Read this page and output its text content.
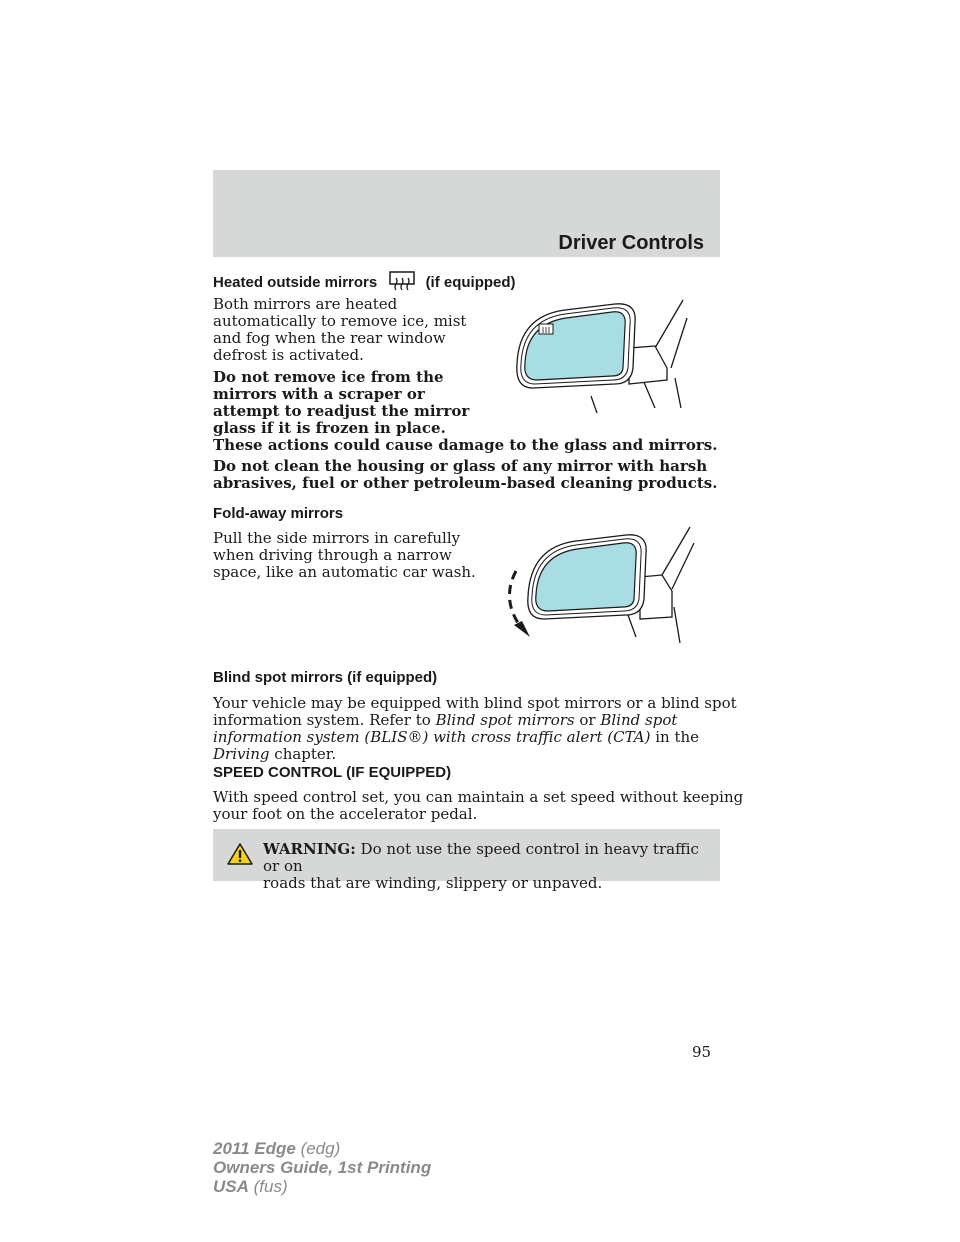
Driver Controls
Heated outside mirrors	(if equipped)
Both mirrors are heated
automatically to remove ice, mist
and fog when the rear window
defrost is activated.
Do not remove ice from the
mirrors with a scraper or
attempt to readjust the mirror
glass if it is frozen in place.
These actions could cause damage to the glass and mirrors.
Do not clean the housing or glass of any mirror with harsh
abrasives, fuel or other petroleum-based cleaning products.
Fold-away mirrors
Pull the side mirrors in carefully
when driving through a narrow
space, like an automatic car wash.
Blind spot mirrors (if equipped)
Your vehicle may be equipped with blind spot mirrors or a blind spot
information system. Refer to Blind spot mirrors or Blind spot
information system (BLIS®) with cross traffic alert (CTA) in the
Driving chapter.
SPEED CONTROL (IF EQUIPPED)
With speed control set, you can maintain a set speed without keeping
your foot on the accelerator pedal.
WARNING: Do not use the speed control in heavy traffic or on
roads that are winding, slippery or unpaved.
95
2011 Edge (edg)
Owners Guide, 1st Printing
USA (fus)
